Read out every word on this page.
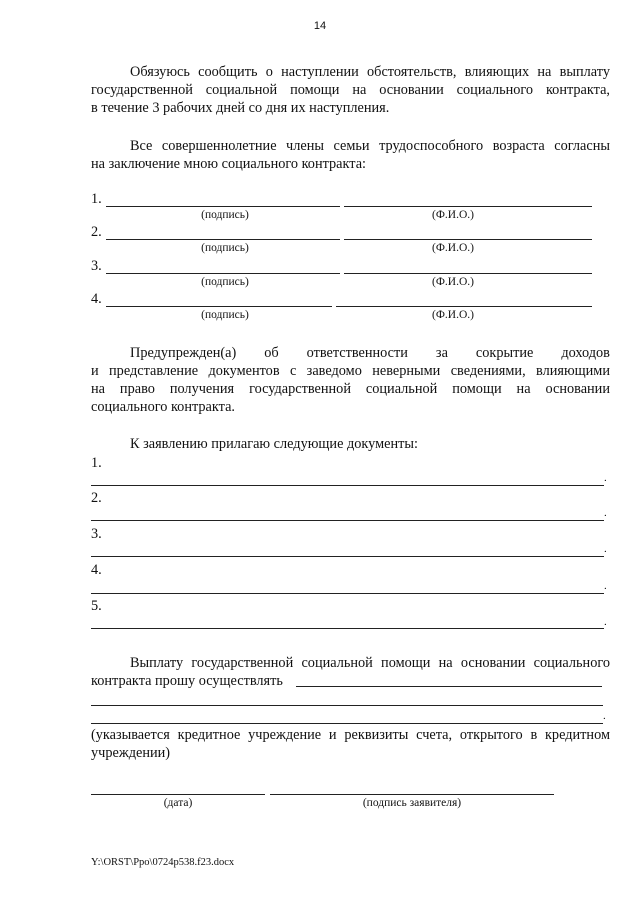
14
Обязуюсь сообщить о наступлении обстоятельств, влияющих на выплату
государственной социальной помощи на основании социального контракта,
в течение 3 рабочих дней со дня их наступления.
Все совершеннолетние члены семьи трудоспособного возраста согласны
на заключение мною социального контракта:
1.
(подпись)	(Ф.И.О.)
2.
(подпись)	(Ф.И.О.)
3.
(подпись)	(Ф.И.О.)
4.
(подпись)	(Ф.И.О.)
Предупрежден(а) об ответственности за сокрытие доходов
и представление документов с заведомо неверными сведениями, влияющими
на право получения государственной социальной помощи на основании
социального контракта.
К заявлению прилагаю следующие документы:
1.
.
2.
.
3.
.
4.
.
5.
.
Выплату государственной социальной помощи на основании социального
контракта прошу осуществлять
.
(указывается кредитное учреждение и реквизиты счета, открытого в кредитном
учреждении)
(дата)	(подпись заявителя)
Y:\ORST\Ppo\0724p538.f23.docx
